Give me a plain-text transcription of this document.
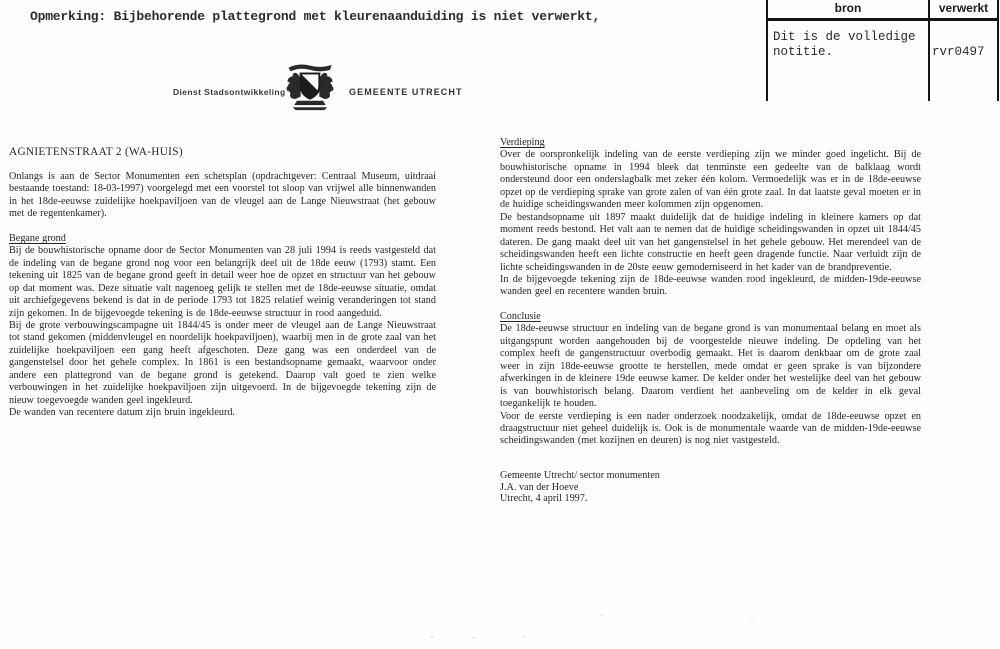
Opmerking: Bijbehorende plattegrond met kleurenaanduiding is niet verwerkt,
bron	verwerkt
Dit is de volledige notitie.	rvr0497
Dienst Stadsontwikkeling	GEMEENTE UTRECHT
AGNIETENSTRAAT 2 (WA-HUIS)

Onlangs is aan de Sector Monumenten een schetsplan (opdrachtgever: Centraal Museum, uitdraai bestaande toestand: 18-03-1997) voorgelegd met een voorstel tot sloop van vrijwel alle binnenwanden in het 18de-eeuwse zuidelijke hoekpaviljoen van de vleugel aan de Lange Nieuwstraat (het gebouw met de regentenkamer).

Begane grond

Bij de bouwhistorische opname door de Sector Monumenten van 28 juli 1994 is reeds vastgesteld dat de indeling van de begane grond nog voor een belangrijk deel uit de 18de eeuw (1793) stamt. Een tekening uit 1825 van de begane grond geeft in detail weer hoe de opzet en structuur van het gebouw op dat moment was. Deze situatie valt nagenoeg gelijk te stellen met de 18de-eeuwse situatie, omdat uit archiefgegevens bekend is dat in de periode 1793 tot 1825 relatief weinig veranderingen tot stand zijn gekomen. In de bijgevoegde tekening is de 18de-eeuwse structuur in rood aangeduid.

Bij de grote verbouwingscampagne uit 1844/45 is onder meer de vleugel aan de Lange Nieuwstraat tot stand gekomen (middenvleugel en noordelijk hoekpaviljoen), waarbij men in de grote zaal van het zuidelijke hoekpaviljoen een gang heeft afgeschoten. Deze gang was een onderdeel van de gangenstelsel door het gehele complex. In 1861 is een bestandsopname gemaakt, waarvoor onder andere een plattegrond van de begane grond is getekend. Daarop valt goed te zien welke verbouwingen in het zuidelijke hoekpaviljoen zijn uitgevoerd. In de bijgevoegde tekening zijn de nieuw toegevoegde wanden geel ingekleurd.

De wanden van recentere datum zijn bruin ingekleurd.

Verdieping

Over de oorspronkelijk indeling van de eerste verdieping zijn we minder goed ingelicht. Bij de bouwhistorische opname in 1994 bleek dat tenminste een gedeelte van de balklaag wordt ondersteund door een onderslagbalk met zeker één kolom. Vermoedelijk was er in de 18de-eeuwse opzet op de verdieping sprake van grote zalen of van één grote zaal. In dat laatste geval moeten er in de huidige scheidingswanden meer kolommen zijn opgenomen.

De bestandsopname uit 1897 maakt duidelijk dat de huidige indeling in kleinere kamers op dat moment reeds bestond. Het valt aan te nemen dat de huidige scheidingswanden in opzet uit 1844/45 dateren. De gang maakt deel uit van het gangenstelsel in het gehele gebouw. Het merendeel van de scheidingswanden heeft een lichte constructie en heeft geen dragende functie. Naar verluidt zijn de lichte scheidingswanden in de 20ste eeuw gemoderniseerd in het kader van de brandpreventie.

In de bijgevoegde tekening zijn de 18de-eeuwse wanden rood ingekleurd, de midden-19de-eeuwse wanden geel en recentere wanden bruin.

Conclusie

De 18de-eeuwse structuur en indeling van de begane grond is van monumentaal belang en moet als uitgangspunt worden aangehouden bij de voorgestelde nieuwe indeling. De opdeling van het complex heeft de gangenstructuur overbodig gemaakt. Het is daarom denkbaar om de grote zaal weer in zijn 18de-eeuwse grootte te herstellen, mede omdat er geen sprake is van bijzondere afwerkingen in de kleinere 19de eeuwse kamer. De kelder onder het westelijke deel van het gebouw is van bouwhistorisch belang. Daarom verdient het aanbeveling om de kelder in elk geval toegankelijk te houden.

Voor de eerste verdieping is een nader onderzoek noodzakelijk, omdat de 18de-eeuwse opzet en draagstructuur niet geheel duidelijk is. Ook is de monumentale waarde van de midden-19de-eeuwse scheidingswanden (met kozijnen en deuren) is nog niet vastgesteld.

Gemeente Utrecht/ sector monumenten
J.A. van der Hoeve
Utrecht, 4 april 1997.
